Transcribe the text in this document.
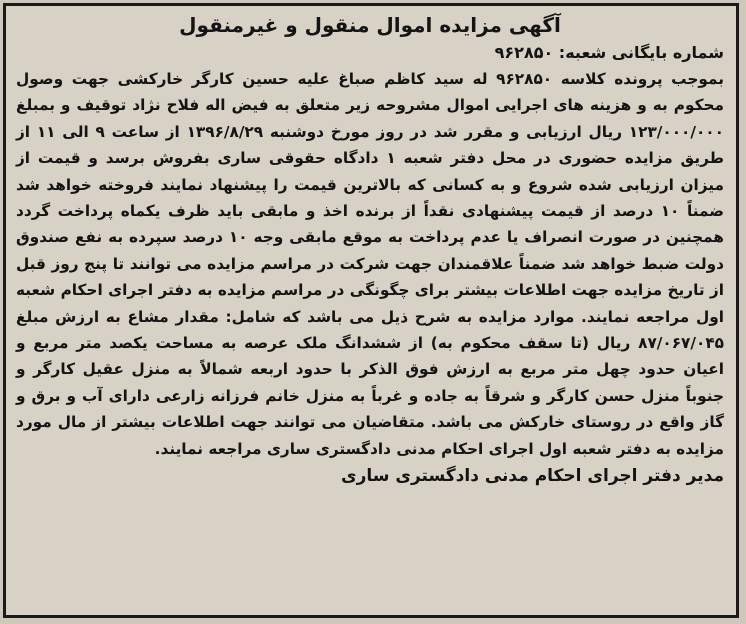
آگهی مزایده اموال منقول و غیرمنقول
شماره بایگانی شعبه: ۹۶۲۸۵۰

بموجب پرونده کلاسه ۹۶۲۸۵۰ له سید کاظم صباغ علیه حسین کارگر خارکشی جهت وصول محکوم به و هزینه های اجرایی اموال مشروحه زیر متعلق به فیض اله فلاح نژاد توقیف و بمبلغ ۱۲۳/۰۰۰/۰۰۰ ریال ارزیابی و مقرر شد در روز مورخ دوشنبه ۱۳۹۶/۸/۲۹ از ساعت ۹ الی ۱۱ از طریق مزایده حضوری در محل دفتر شعبه ۱ دادگاه حقوقی ساری بفروش برسد و قیمت از میزان ارزیابی شده شروع و به کسانی که بالاترین قیمت را پیشنهاد نمایند فروخته خواهد شد ضمناً ۱۰ درصد از قیمت پیشنهادی نقداً از برنده اخذ و مابقی باید ظرف یکماه پرداخت گردد همچنین در صورت انصراف یا عدم پرداخت به موقع مابقی وجه ۱۰ درصد سپرده به نفع صندوق دولت ضبط خواهد شد ضمناً علاقمندان جهت شرکت در مراسم مزایده می توانند تا پنج روز قبل از تاریخ مزایده جهت اطلاعات بیشتر برای چگونگی در مراسم مزایده به دفتر اجرای احکام شعبه اول مراجعه نمایند. موارد مزایده به شرح ذیل می باشد که شامل: مقدار مشاع به ارزش مبلغ ۸۷/۰۶۷/۰۴۵ ریال (تا سقف محکوم به) از ششدانگ ملک عرصه به مساحت یکصد متر مربع و اعیان حدود چهل متر مربع به ارزش فوق الذکر با حدود اربعه شمالاً به منزل عقیل کارگر و جنوباً منزل حسن کارگر و شرقاً به جاده و غرباً به منزل خانم فرزانه زارعی دارای آب و برق و گاز واقع در روستای خارکش می باشد. متقاضیان می توانند جهت اطلاعات بیشتر از مال مورد مزایده به دفتر شعبه اول اجرای احکام مدنی دادگستری ساری مراجعه نمایند.

مدیر دفتر اجرای احکام مدنی دادگستری ساری
